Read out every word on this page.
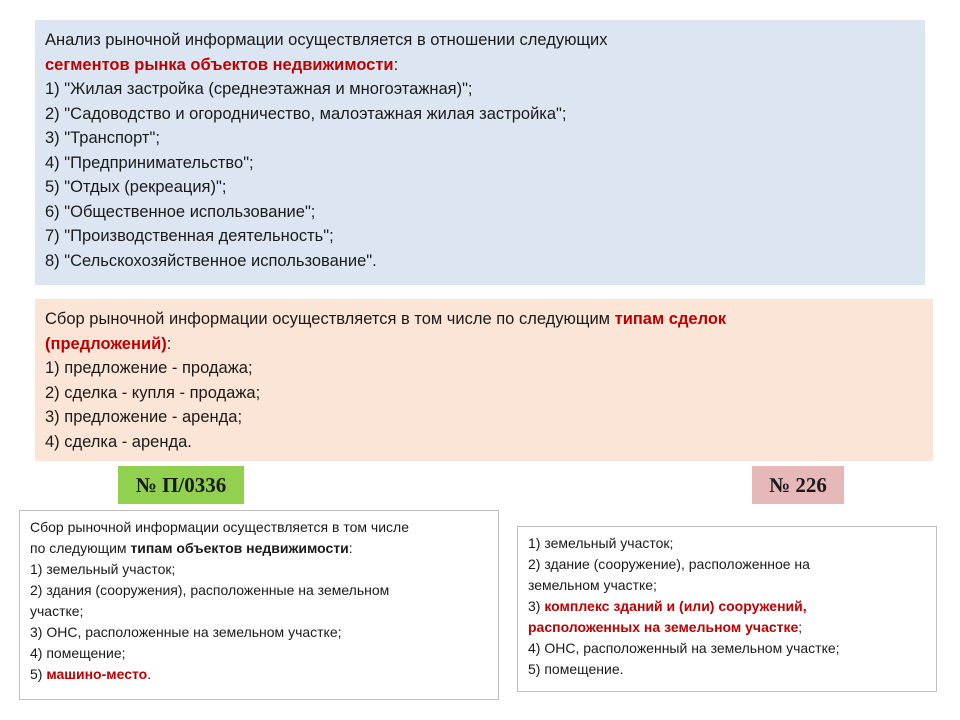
Анализ рыночной информации осуществляется в отношении следующих
сегментов рынка объектов недвижимости:
1) "Жилая застройка (среднеэтажная и многоэтажная)";
2) "Садоводство и огородничество, малоэтажная жилая застройка";
3) "Транспорт";
4) "Предпринимательство";
5) "Отдых (рекреация)";
6) "Общественное использование";
7) "Производственная деятельность";
8) "Сельскохозяйственное использование".
Сбор рыночной информации осуществляется в том числе по следующим типам сделок
(предложений):
1) предложение - продажа;
2) сделка - купля - продажа;
3) предложение - аренда;
4) сделка - аренда.
№ П/0336	№ 226
Сбор рыночной информации осуществляется в том числе
по следующим типам объектов недвижимости:
1) земельный участок;
2) здания (сооружения), расположенные на земельном
участке;
3) ОНС, расположенные на земельном участке;
4) помещение;
5) машино-место.
1) земельный участок;
2) здание (сооружение), расположенное на
земельном участке;
3) комплекс зданий и (или) сооружений,
расположенных на земельном участке;
4) ОНС, расположенный на земельном участке;
5) помещение.
